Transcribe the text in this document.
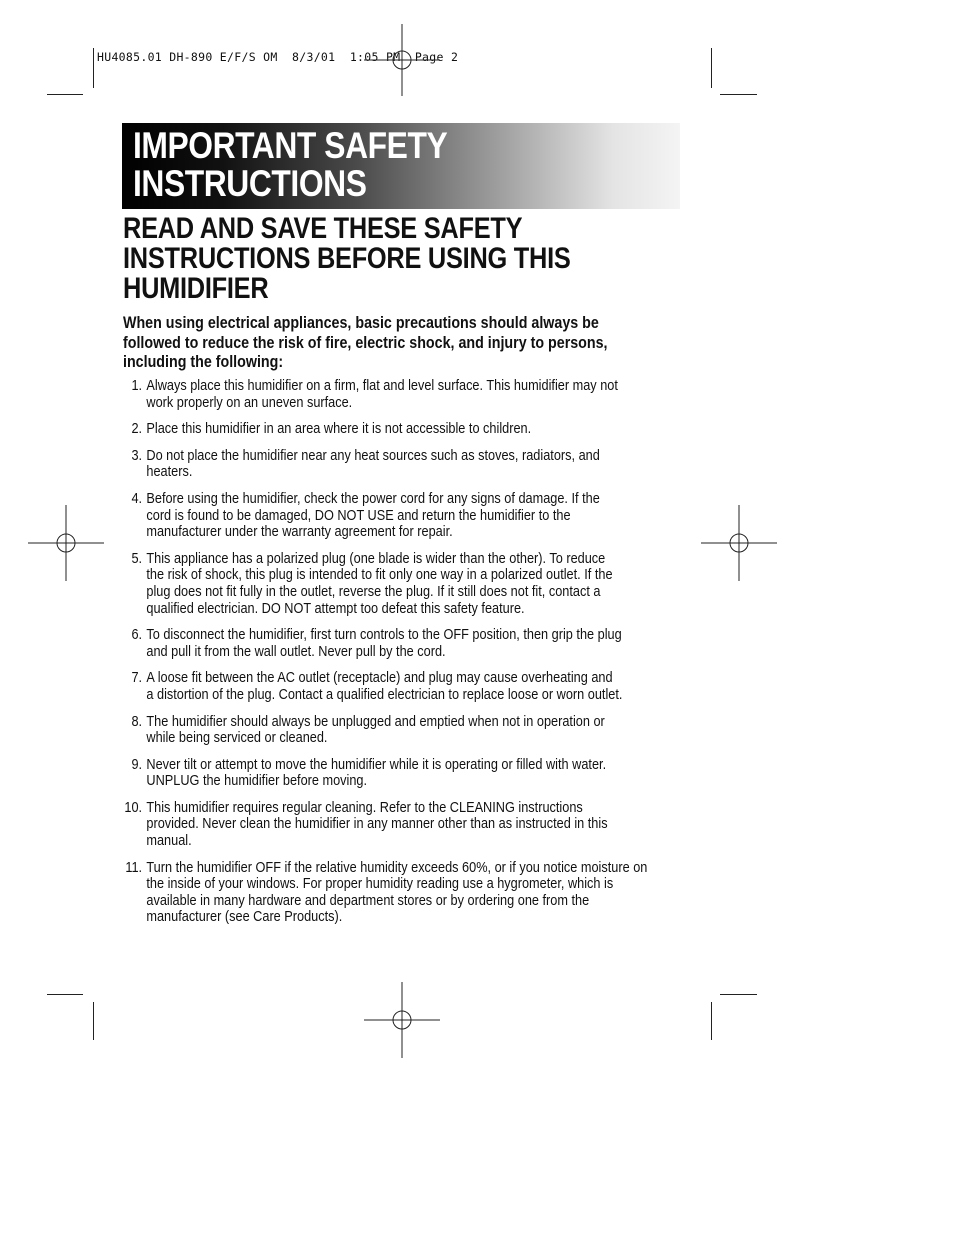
HU4085.01 DH-890 E/F/S OM  8/3/01  1:05 PM  Page 2
IMPORTANT SAFETY
INSTRUCTIONS
READ AND SAVE THESE SAFETY
INSTRUCTIONS BEFORE USING THIS
HUMIDIFIER

When using electrical appliances, basic precautions should always be
followed to reduce the risk of fire, electric shock, and injury to persons,
including the following:

1. Always place this humidifier on a firm, flat and level surface. This humidifier may not
work properly on an uneven surface.
2. Place this humidifier in an area where it is not accessible to children.
3. Do not place the humidifier near any heat sources such as stoves, radiators, and
heaters.
4. Before using the humidifier, check the power cord for any signs of damage. If the
cord is found to be damaged, DO NOT USE and return the humidifier to the
manufacturer under the warranty agreement for repair.
5. This appliance has a polarized plug (one blade is wider than the other). To reduce
the risk of shock, this plug is intended to fit only one way in a polarized outlet. If the
plug does not fit fully in the outlet, reverse the plug. If it still does not fit, contact a
qualified electrician. DO NOT attempt too defeat this safety feature.
6. To disconnect the humidifier, first turn controls to the OFF position, then grip the plug
and pull it from the wall outlet. Never pull by the cord.
7. A loose fit between the AC outlet (receptacle) and plug may cause overheating and
a distortion of the plug. Contact a qualified electrician to replace loose or worn outlet.
8. The humidifier should always be unplugged and emptied when not in operation or
while being serviced or cleaned.
9. Never tilt or attempt to move the humidifier while it is operating or filled with water.
UNPLUG the humidifier before moving.
10. This humidifier requires regular cleaning. Refer to the CLEANING instructions
provided. Never clean the humidifier in any manner other than as instructed in this
manual.
11. Turn the humidifier OFF if the relative humidity exceeds 60%, or if you notice moisture on
the inside of your windows. For proper humidity reading use a hygrometer, which is
available in many hardware and department stores or by ordering one from the
manufacturer (see Care Products).
